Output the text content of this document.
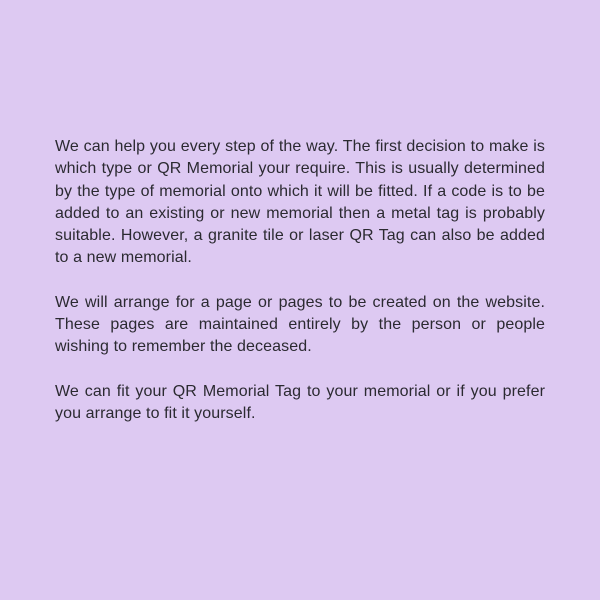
We can help you every step of the way. The first decision to make is which type or QR Memorial your require. This is usually determined by the type of memorial onto which it will be fitted. If a code is to be added to an existing or new memorial then a metal tag is probably suitable. However, a granite tile or laser QR Tag can also be added to a new memorial.

We will arrange for a page or pages to be created on the website. These pages are maintained entirely by the person or people wishing to remember the deceased.

We can fit your QR Memorial Tag to your memorial or if you prefer you arrange to fit it yourself.
